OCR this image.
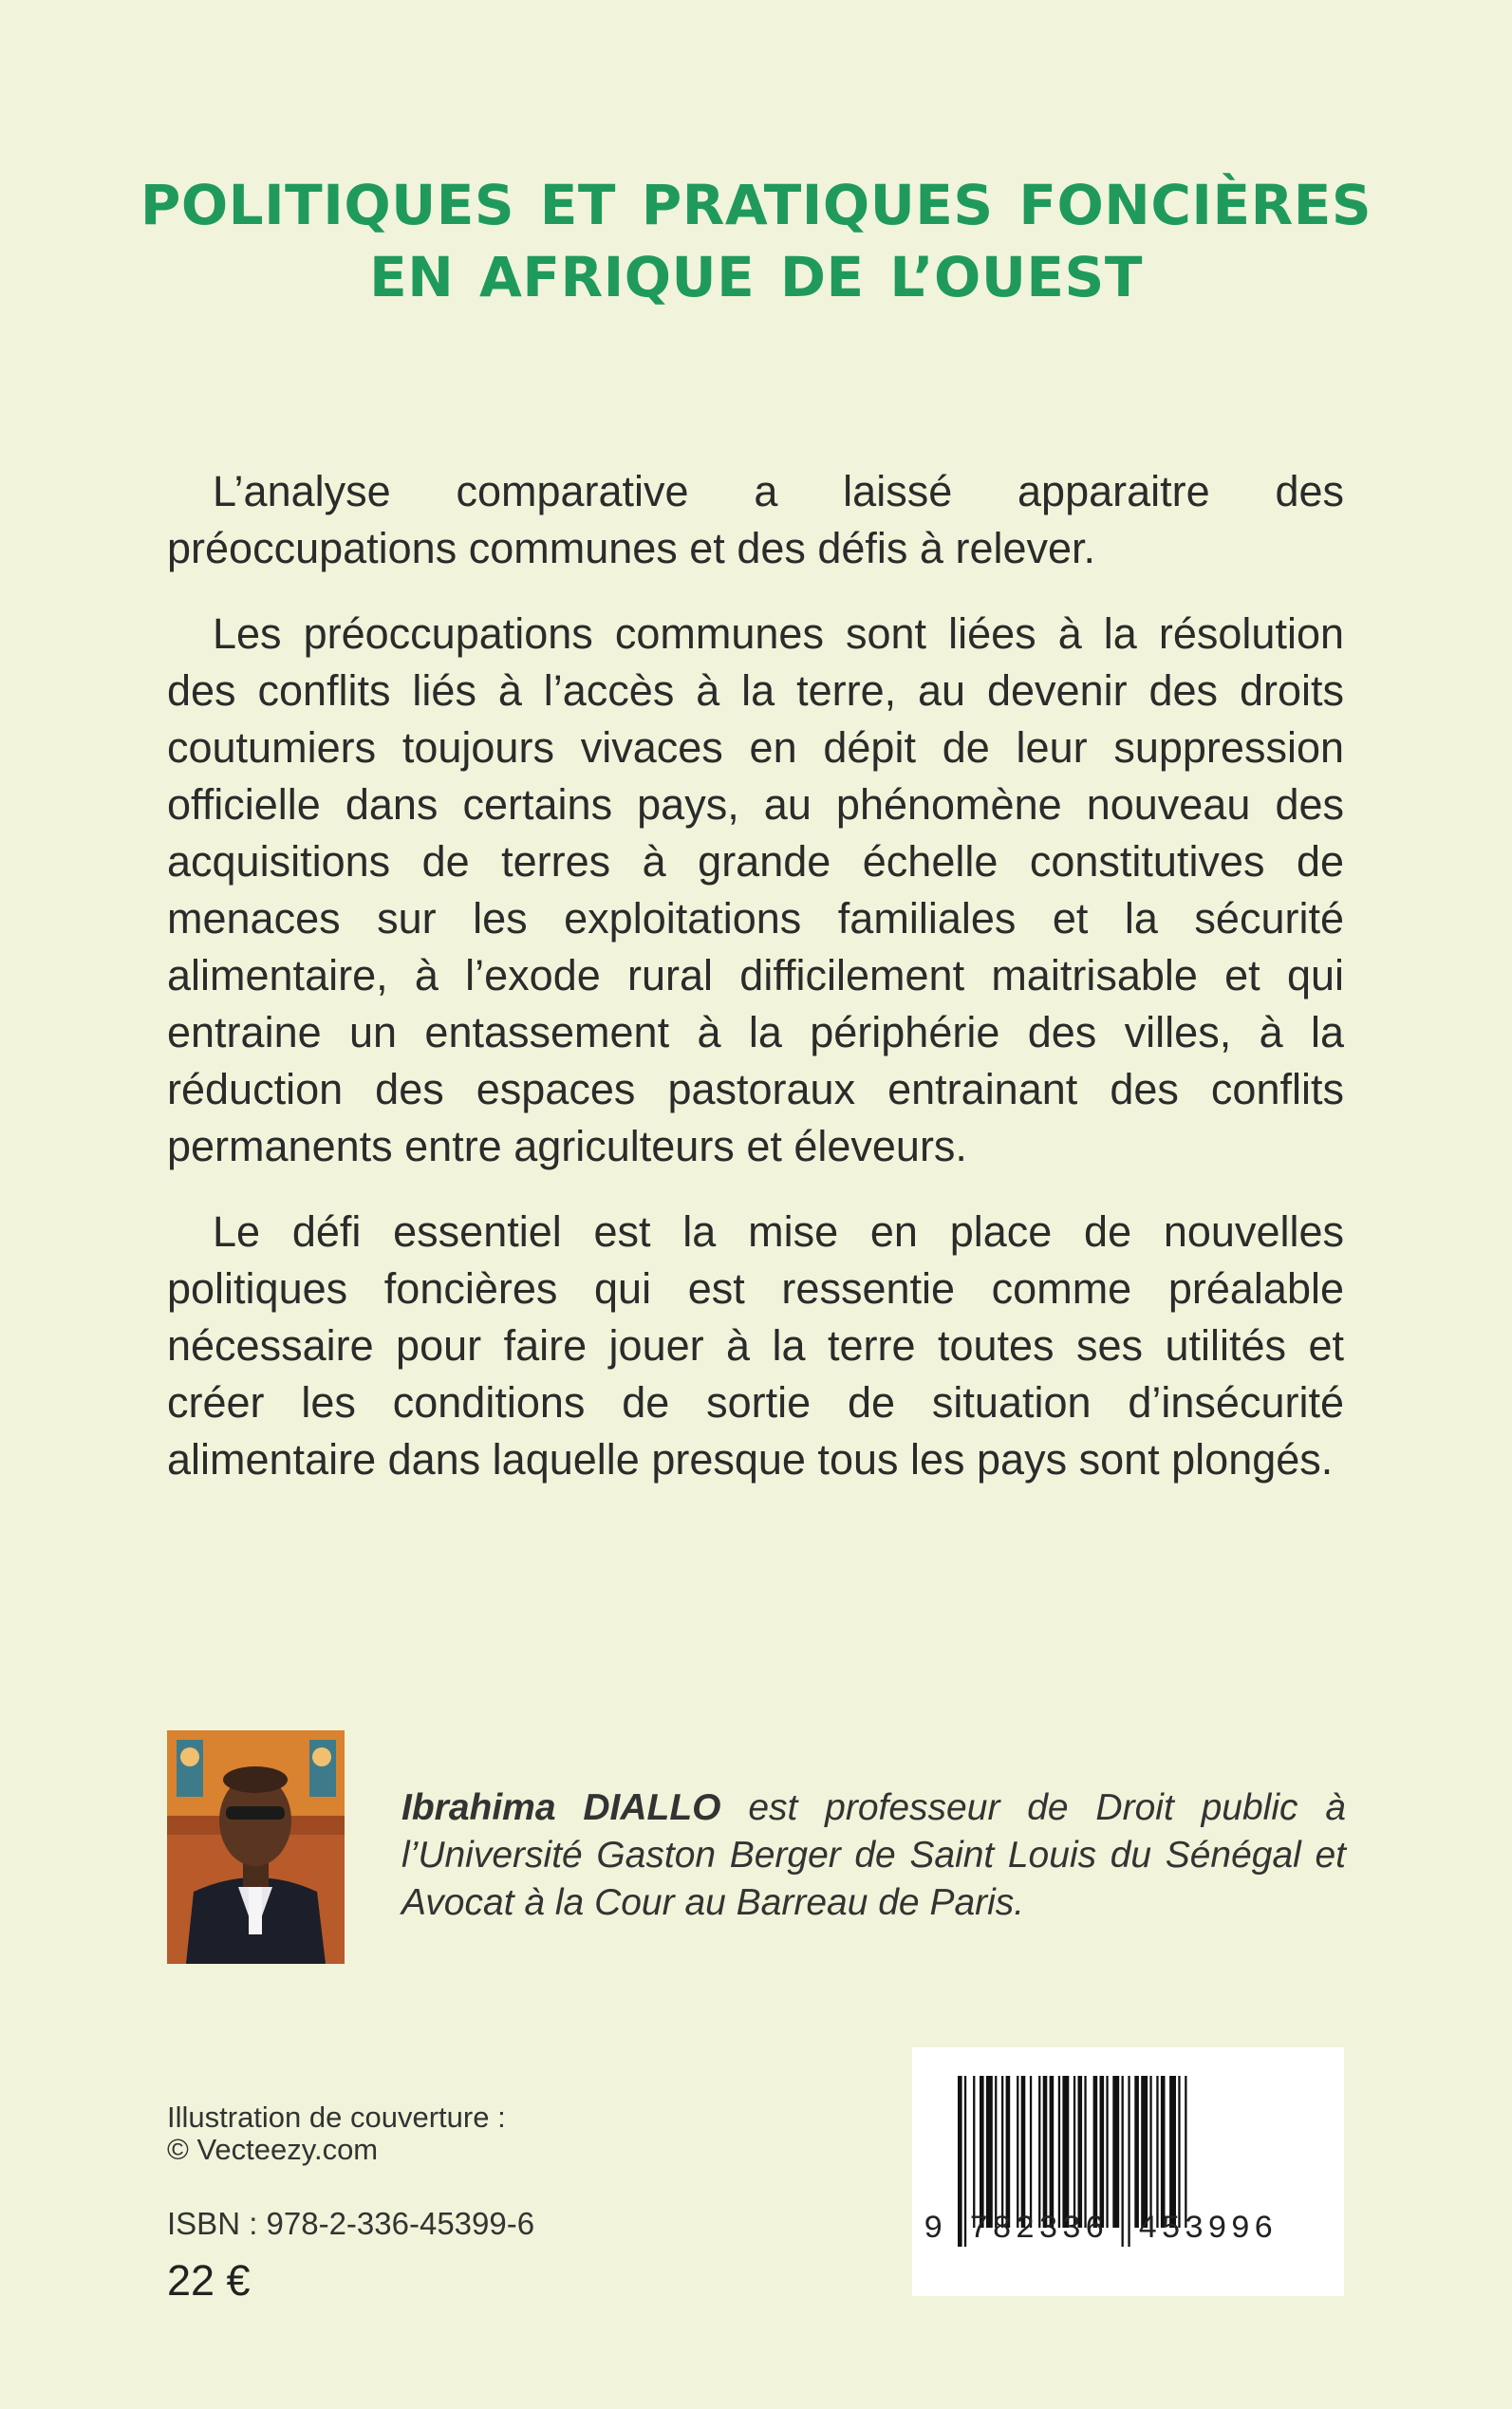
POLITIQUES ET PRATIQUES FONCIÈRES
EN AFRIQUE DE L’OUEST

L’analyse comparative a laissé apparaitre des préoccupations communes et des défis à relever.

Les préoccupations communes sont liées à la résolution des conflits liés à l’accès à la terre, au devenir des droits coutumiers toujours vivaces en dépit de leur suppression officielle dans certains pays, au phénomène nouveau des acquisitions de terres à grande échelle constitutives de menaces sur les exploitations familiales et la sécurité alimentaire, à l’exode rural difficilement maitrisable et qui entraine un entassement à la périphérie des villes, à la réduction des espaces pastoraux entrainant des conflits permanents entre agriculteurs et éleveurs.

Le défi essentiel est la mise en place de nouvelles politiques foncières qui est ressentie comme préalable nécessaire pour faire jouer à la terre toutes ses utilités et créer les conditions de sortie de situation d’insécurité alimentaire dans laquelle presque tous les pays sont plongés.

Ibrahima DIALLO est professeur de Droit public à l’Université Gaston Berger de Saint Louis du Sénégal et Avocat à la Cour au Barreau de Paris.

Illustration de couverture :
© Vecteezy.com
ISBN : 978-2-336-45399-6
22 €
9 782336 453996
